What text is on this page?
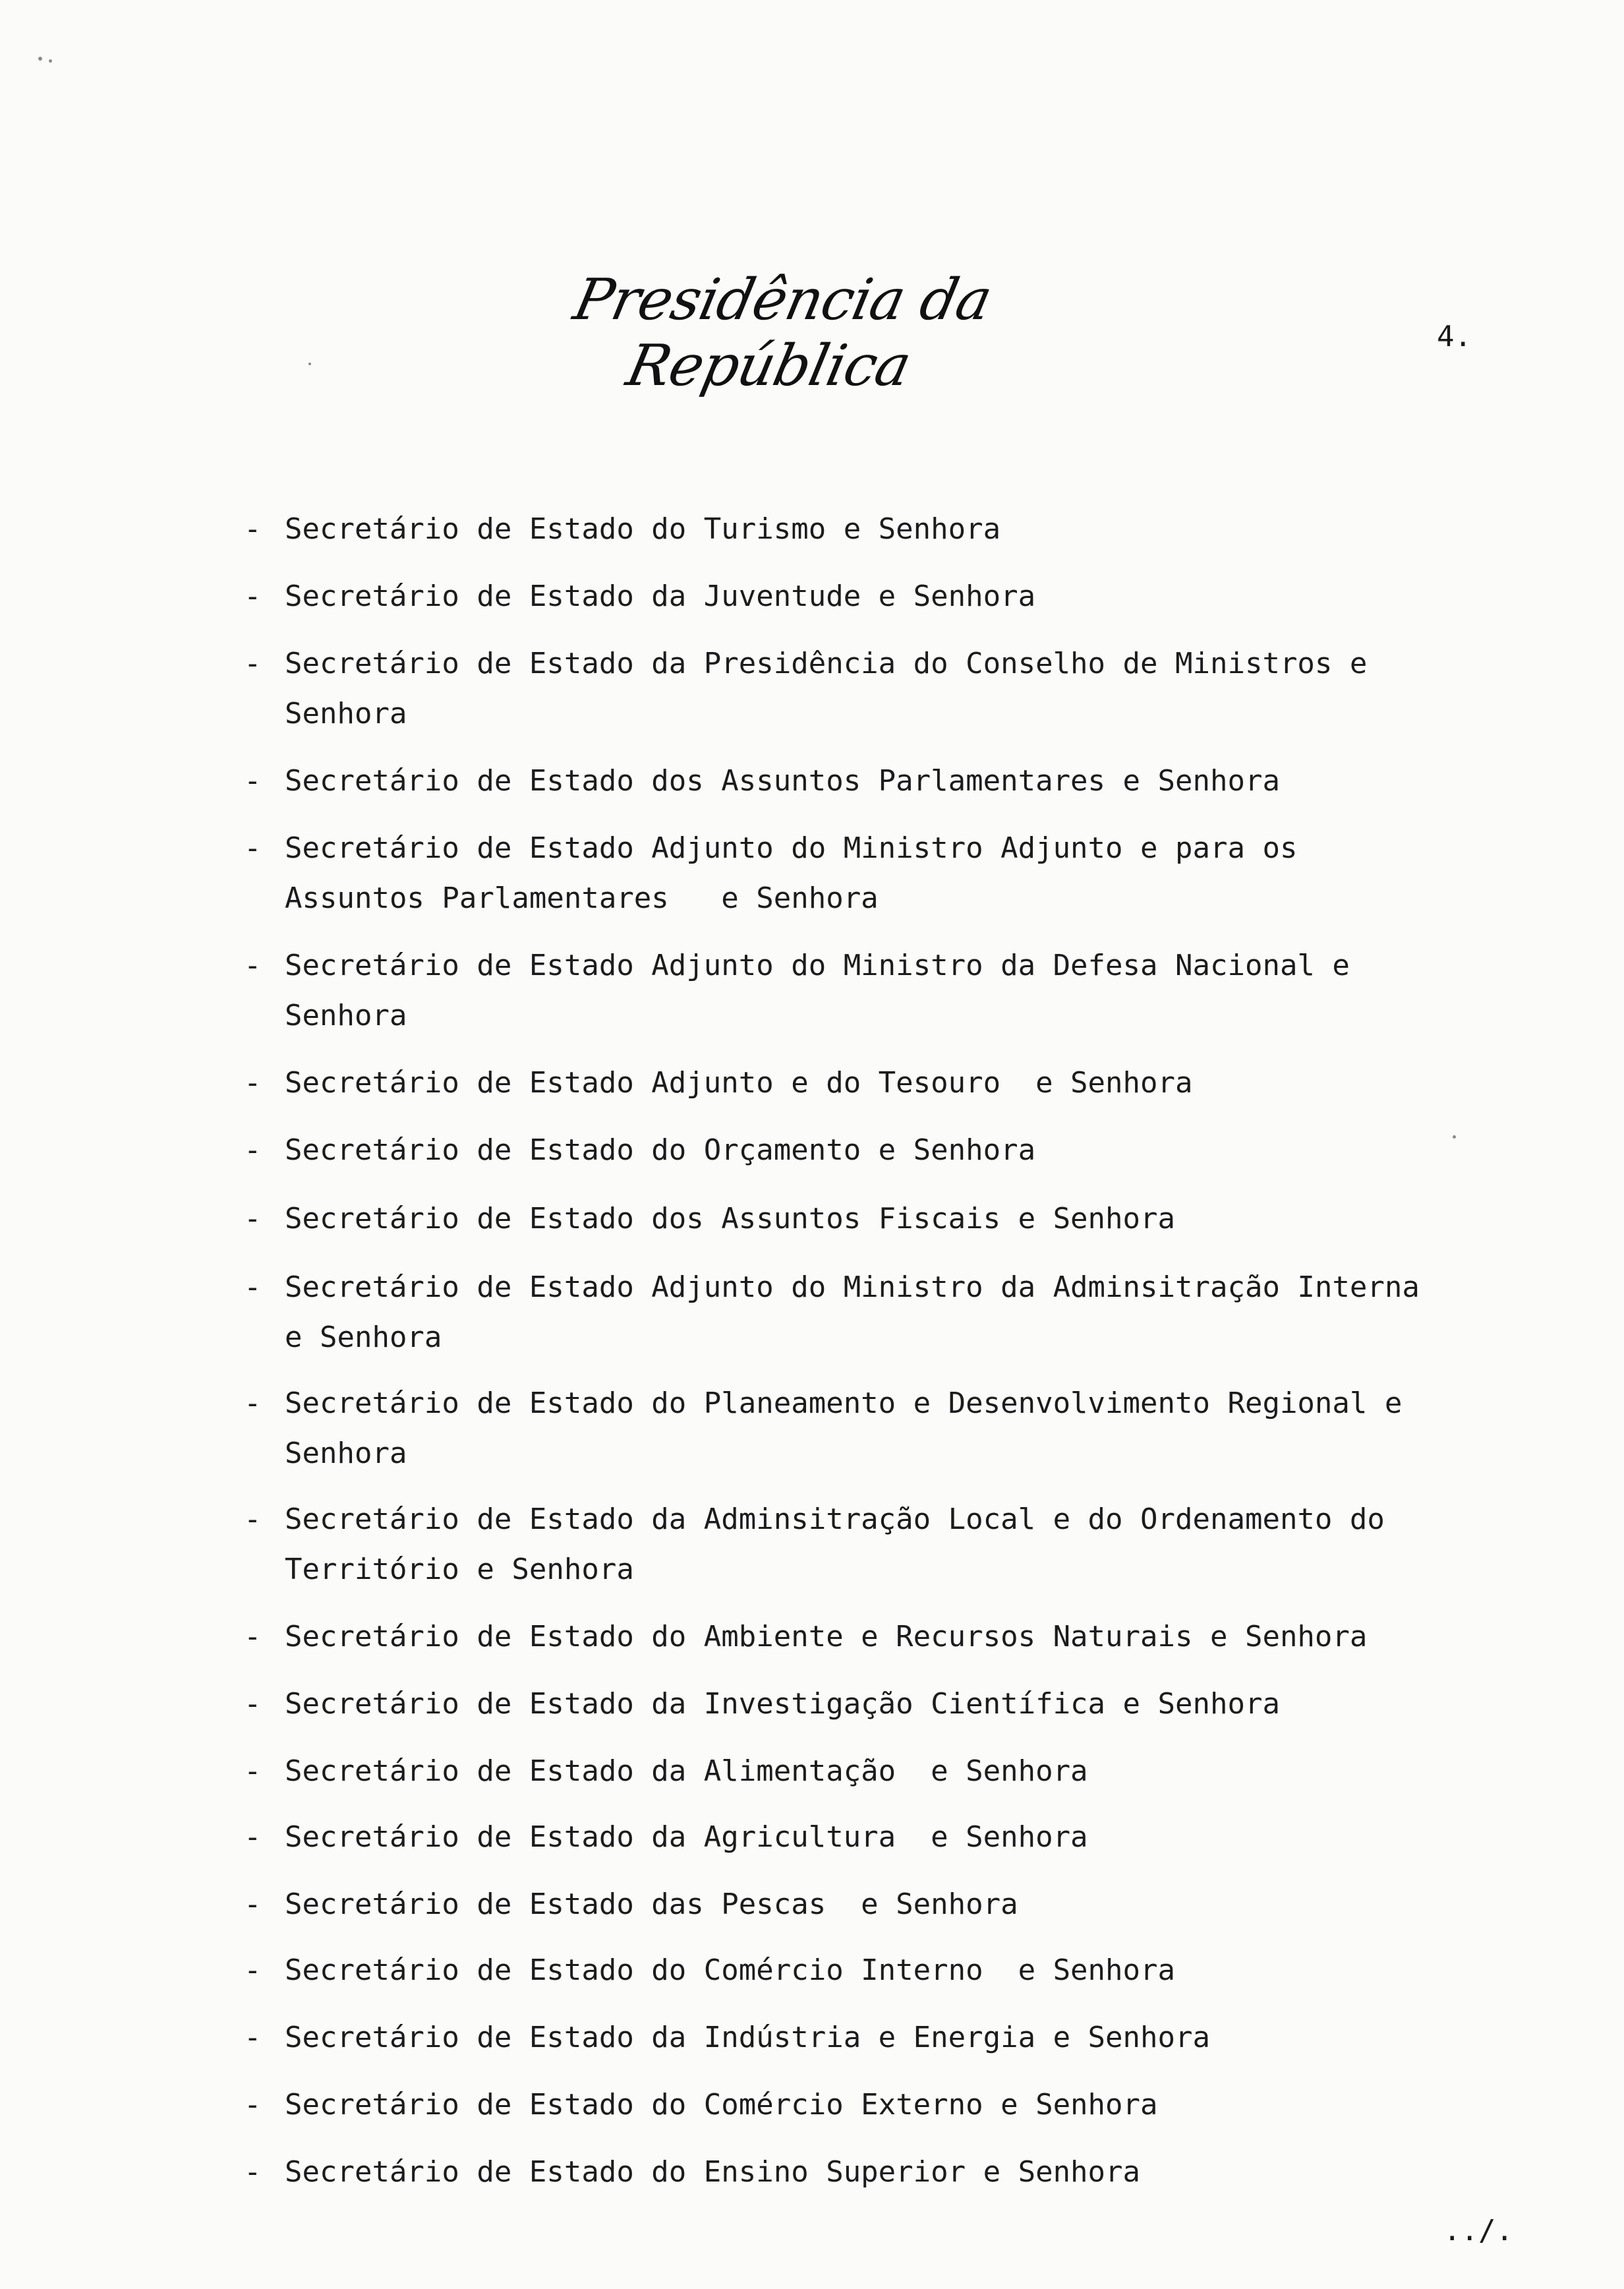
Presidência da República	4.
- Secretário de Estado do Turismo e Senhora
- Secretário de Estado da Juventude e Senhora
- Secretário de Estado da Presidência do Conselho de Ministros e
Senhora
- Secretário de Estado dos Assuntos Parlamentares e Senhora
- Secretário de Estado Adjunto do Ministro Adjunto e para os
Assuntos Parlamentares   e Senhora
- Secretário de Estado Adjunto do Ministro da Defesa Nacional e
Senhora
- Secretário de Estado Adjunto e do Tesouro  e Senhora
- Secretário de Estado do Orçamento e Senhora
- Secretário de Estado dos Assuntos Fiscais e Senhora
- Secretário de Estado Adjunto do Ministro da Adminsitração Interna
e Senhora
- Secretário de Estado do Planeamento e Desenvolvimento Regional e
Senhora
- Secretário de Estado da Adminsitração Local e do Ordenamento do
Território e Senhora
- Secretário de Estado do Ambiente e Recursos Naturais e Senhora
- Secretário de Estado da Investigação Científica e Senhora
- Secretário de Estado da Alimentação  e Senhora
- Secretário de Estado da Agricultura  e Senhora
- Secretário de Estado das Pescas  e Senhora
- Secretário de Estado do Comércio Interno  e Senhora
- Secretário de Estado da Indústria e Energia e Senhora
- Secretário de Estado do Comércio Externo e Senhora
- Secretário de Estado do Ensino Superior e Senhora
../.
